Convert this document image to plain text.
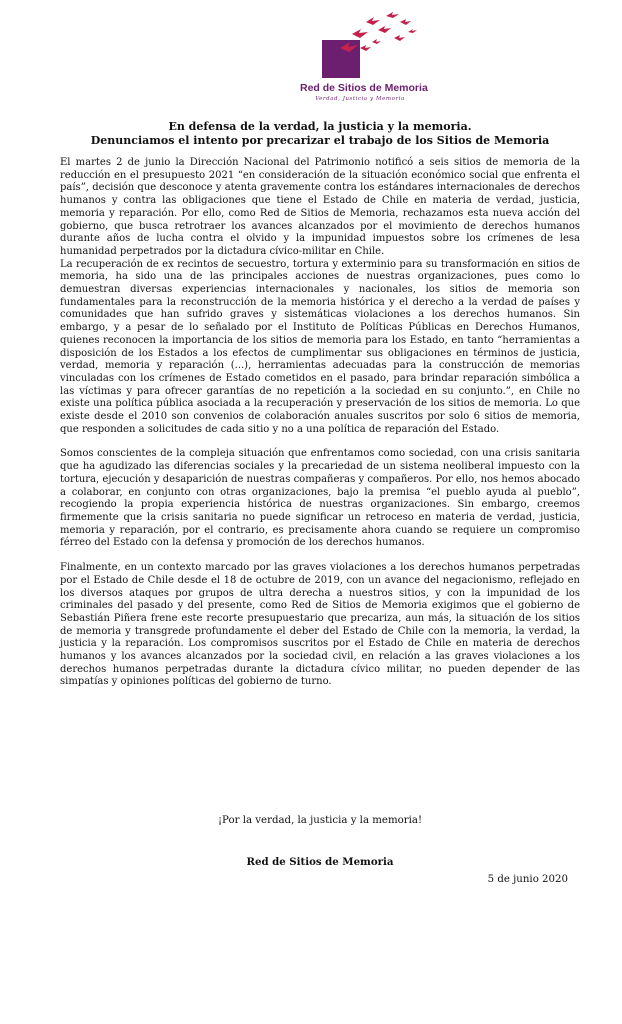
Red de Sitios de Memoria
Verdad, Justicia y Memoria
En defensa de la verdad, la justicia y la memoria.
Denunciamos el intento por precarizar el trabajo de los Sitios de Memoria

El martes 2 de junio la Dirección Nacional del Patrimonio notificó a seis sitios de memoria de la reducción en el presupuesto 2021 “en consideración de la situación económico social que enfrenta el país”, decisión que desconoce y atenta gravemente contra los estándares internacionales de derechos humanos y contra las obligaciones que tiene el Estado de Chile en materia de verdad, justicia, memoria y reparación. Por ello, como Red de Sitios de Memoria, rechazamos esta nueva acción del gobierno, que busca retrotraer los avances alcanzados por el movimiento de derechos humanos durante años de lucha contra el olvido y la impunidad impuestos sobre los crímenes de lesa humanidad perpetrados por la dictadura cívico-militar en Chile.

La recuperación de ex recintos de secuestro, tortura y exterminio para su transformación en sitios de memoria, ha sido una de las principales acciones de nuestras organizaciones, pues como lo demuestran diversas experiencias internacionales y nacionales, los sitios de memoria son fundamentales para la reconstrucción de la memoria histórica y el derecho a la verdad de países y comunidades que han sufrido graves y sistemáticas violaciones a los derechos humanos. Sin embargo, y a pesar de lo señalado por el Instituto de Políticas Públicas en Derechos Humanos, quienes reconocen la importancia de los sitios de memoria para los Estado, en tanto “herramientas a disposición de los Estados a los efectos de cumplimentar sus obligaciones en términos de justicia, verdad, memoria y reparación (...), herramientas adecuadas para la construcción de memorias vinculadas con los crímenes de Estado cometidos en el pasado, para brindar reparación simbólica a las víctimas y para ofrecer garantías de no repetición a la sociedad en su conjunto.”, en Chile no existe una política pública asociada a la recuperación y preservación de los sitios de memoria. Lo que existe desde el 2010 son convenios de colaboración anuales suscritos por solo 6 sitios de memoria, que responden a solicitudes de cada sitio y no a una política de reparación del Estado.

Somos conscientes de la compleja situación que enfrentamos como sociedad, con una crisis sanitaria que ha agudizado las diferencias sociales y la precariedad de un sistema neoliberal impuesto con la tortura, ejecución y desaparición de nuestras compañeras y compañeros. Por ello, nos hemos abocado a colaborar, en conjunto con otras organizaciones, bajo la premisa “el pueblo ayuda al pueblo”, recogiendo la propia experiencia histórica de nuestras organizaciones. Sin embargo, creemos firmemente que la crisis sanitaria no puede significar un retroceso en materia de verdad, justicia, memoria y reparación, por el contrario, es precisamente ahora cuando se requiere un compromiso férreo del Estado con la defensa y promoción de los derechos humanos.

Finalmente, en un contexto marcado por las graves violaciones a los derechos humanos perpetradas por el Estado de Chile desde el 18 de octubre de 2019, con un avance del negacionismo, reflejado en los diversos ataques por grupos de ultra derecha a nuestros sitios, y con la impunidad de los criminales del pasado y del presente, como Red de Sitios de Memoria exigimos que el gobierno de Sebastián Piñera frene este recorte presupuestario que precariza, aun más, la situación de los sitios de memoria y transgrede profundamente el deber del Estado de Chile con la memoria, la verdad, la justicia y la reparación. Los compromisos suscritos por el Estado de Chile en materia de derechos humanos y los avances alcanzados por la sociedad civil, en relación a las graves violaciones a los derechos humanos perpetradas durante la dictadura cívico militar, no pueden depender de las simpatías y opiniones políticas del gobierno de turno.

¡Por la verdad, la justicia y la memoria!
Red de Sitios de Memoria
5 de junio 2020
